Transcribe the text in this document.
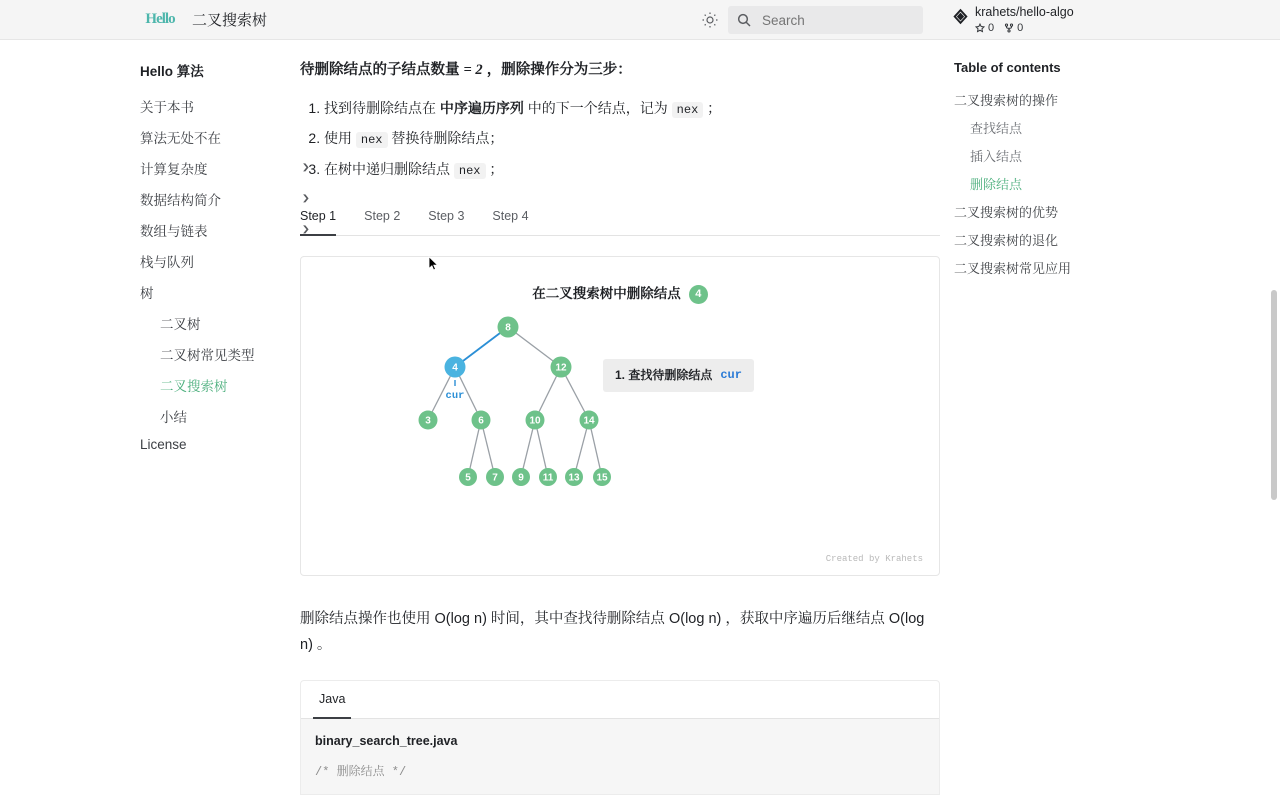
Hello	二叉搜索树
Search	krahets/hello-algo
0 0
Hello 算法
关于本书
算法无处不在
计算复杂度	❯
数据结构简介	❯
数组与链表	❯
栈与队列
树
二叉树
二叉树常见类型
二叉搜索树
小结
License

待删除结点的子结点数量 = 2 ，删除操作分为三步：

1. 找到待删除结点在 中序遍历序列 中的下一个结点，记为 nex ；
2. 使用 nex 替换待删除结点；
3. 在树中递归删除结点 nex ；
Step 1	Step 2	Step 3	Step 4
在二叉搜索树中删除结点	4
1. 查找待删除结点 cur
8
4	12
3	6	10	14
5 7 9 11 13 15
cur
Created by Krahets

删除结点操作也使用 O(log n) 时间，其中查找待删除结点 O(log n) ，获取中序遍历后继结点 O(log n) 。

Java
binary_search_tree.java
/* 删除结点 */
Table of contents
二叉搜索树的操作
查找结点
插入结点
删除结点
二叉搜索树的优势
二叉搜索树的退化
二叉搜索树常见应用
